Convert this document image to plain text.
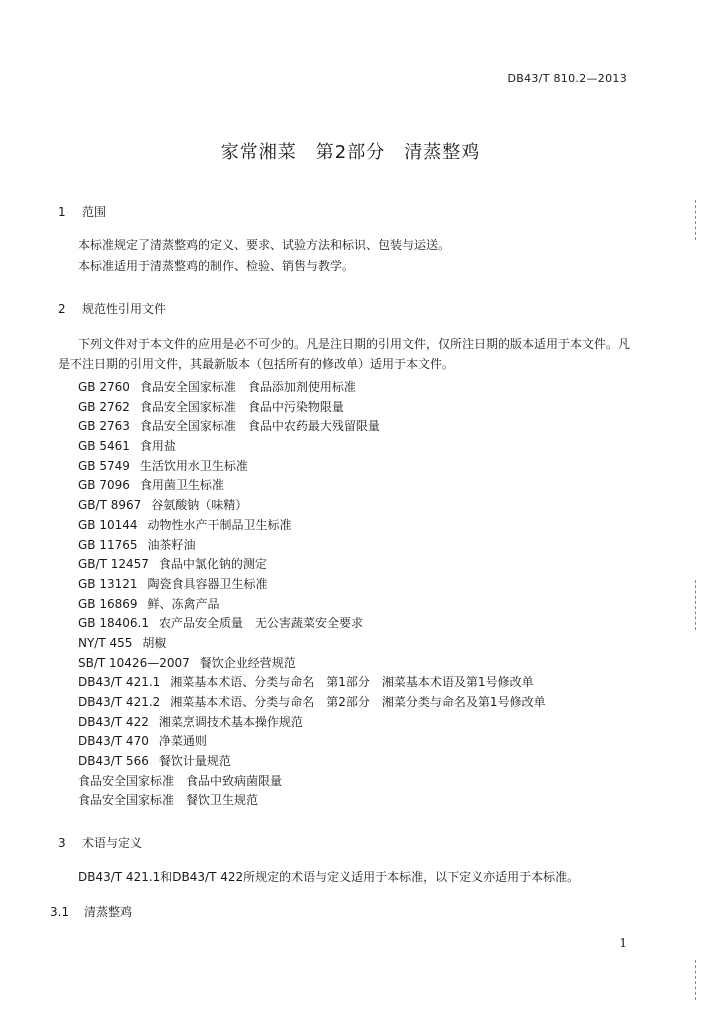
DB43/T 810.2—2013
家常湘菜　第2部分　清蒸整鸡
1 范围
本标准规定了清蒸整鸡的定义、要求、试验方法和标识、包装与运送。
本标准适用于清蒸整鸡的制作、检验、销售与教学。
2 规范性引用文件
下列文件对于本文件的应用是必不可少的。凡是注日期的引用文件，仅所注日期的版本适用于本文件。凡是不注日期的引用文件，其最新版本（包括所有的修改单）适用于本文件。
GB 2760 食品安全国家标准　食品添加剂使用标准
GB 2762 食品安全国家标准　食品中污染物限量
GB 2763 食品安全国家标准　食品中农药最大残留限量
GB 5461 食用盐
GB 5749 生活饮用水卫生标准
GB 7096 食用菌卫生标准
GB/T 8967 谷氨酸钠（味精）
GB 10144 动物性水产干制品卫生标准
GB 11765 油茶籽油
GB/T 12457 食品中氯化钠的测定
GB 13121 陶瓷食具容器卫生标准
GB 16869 鲜、冻禽产品
GB 18406.1 农产品安全质量　无公害蔬菜安全要求
NY/T 455 胡椒
SB/T 10426—2007 餐饮企业经营规范
DB43/T 421.1 湘菜基本术语、分类与命名　第1部分　湘菜基本术语及第1号修改单
DB43/T 421.2 湘菜基本术语、分类与命名　第2部分　湘菜分类与命名及第1号修改单
DB43/T 422 湘菜烹调技术基本操作规范
DB43/T 470 净菜通则
DB43/T 566 餐饮计量规范
食品安全国家标准　食品中致病菌限量
食品安全国家标准　餐饮卫生规范
3 术语与定义
DB43/T 421.1和DB43/T 422所规定的术语与定义适用于本标准，以下定义亦适用于本标准。
3.1 清蒸整鸡
1
